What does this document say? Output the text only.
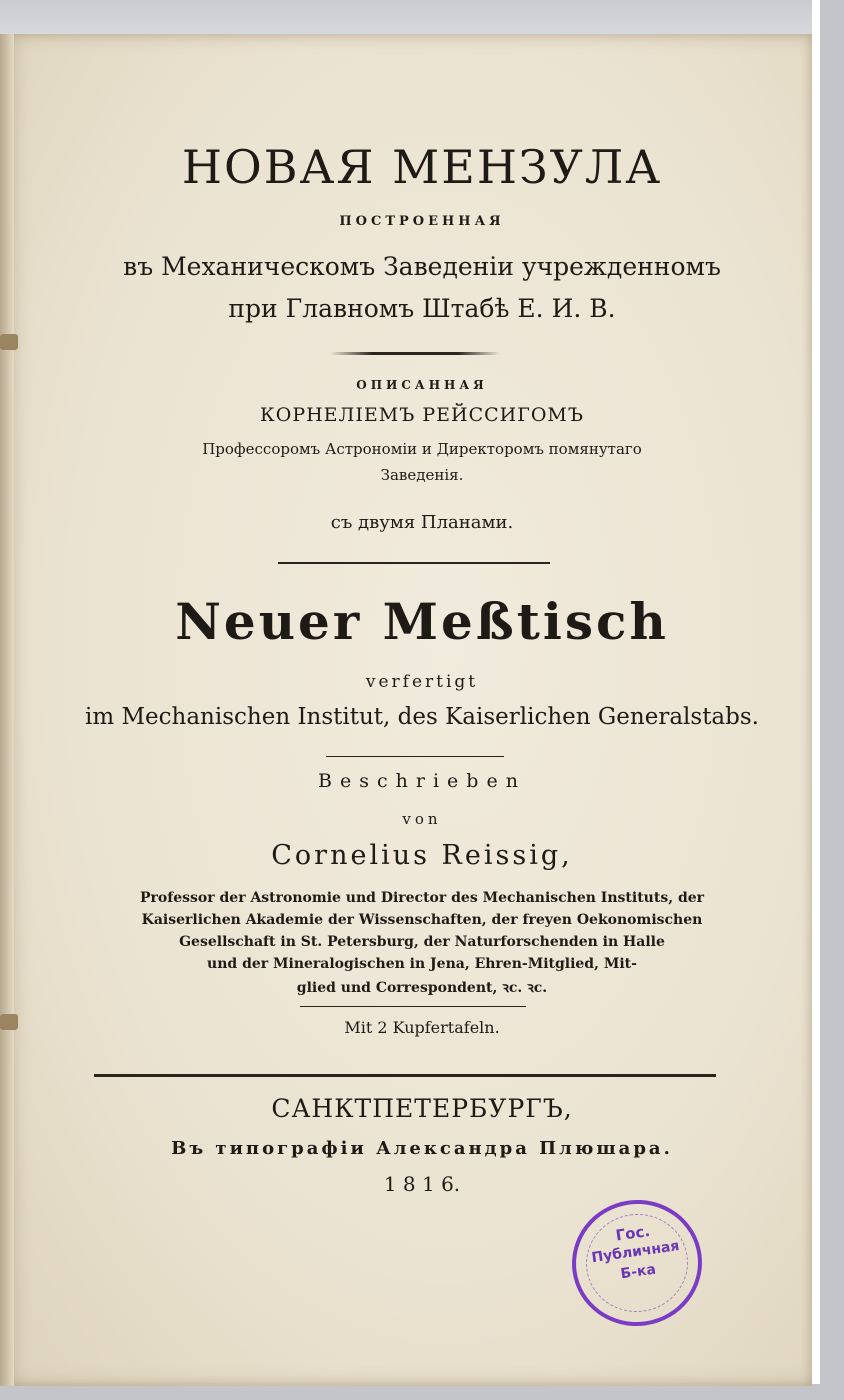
НОВАЯ МЕНЗУЛА
ПОСТРОЕННАЯ
въ Механическомъ Заведеніи учрежденномъ
при Главномъ Штабѣ Е. И. В.
ОПИСАННАЯ
КОРНЕЛІЕМЪ РЕЙССИГОМЪ
Профессоромъ Астрономіи и Директоромъ помянутаго
Заведенія.
съ двумя Планами.
Neuer Meßtisch
verfertigt
im Mechanischen Institut, des Kaiserlichen Generalstabs.
Beschrieben
von
Cornelius Reissig,
Professor der Astronomie und Director des Mechanischen Instituts, der
Kaiserlichen Akademie der Wissenschaften, der freyen Oekonomischen
Gesellschaft in St. Petersburg, der Naturforschenden in Halle
und der Mineralogischen in Jena, Ehren-Mitglied, Mit-
glied und Correspondent, ꝛc. ꝛc.
Mit 2 Kupfertafeln.
САНКТПЕТЕРБУРГЪ,
Въ типографіи Александра Плюшара.
1 8 1 6.
Гос.
Публичная
Б-ка
